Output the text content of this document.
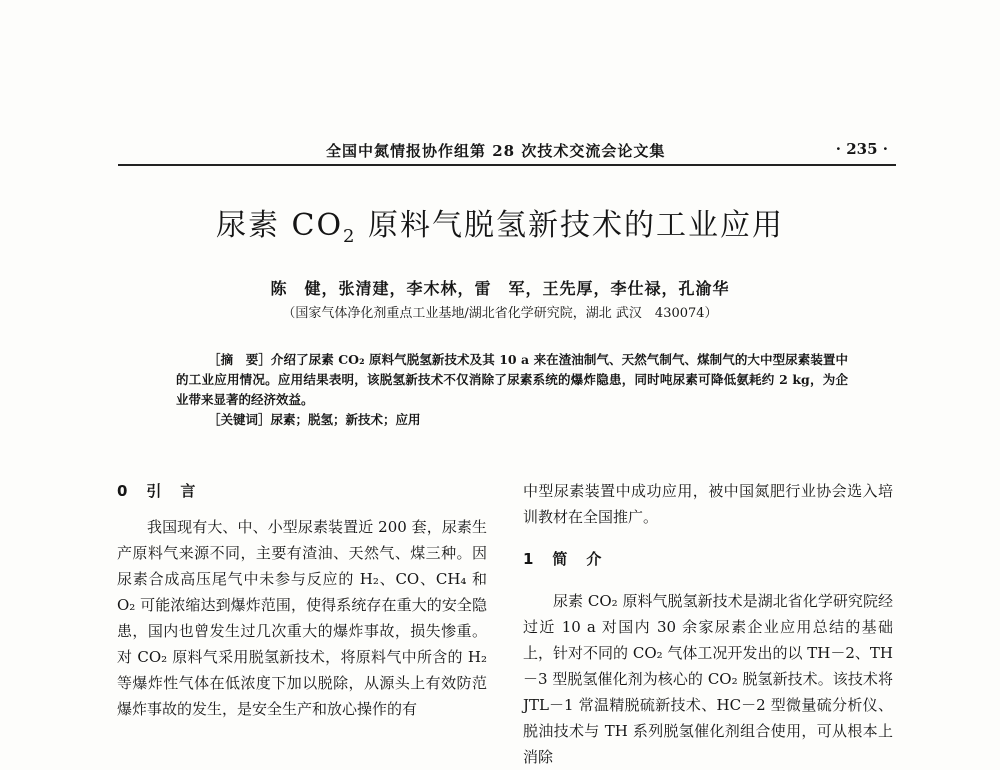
全国中氮情报协作组第 28 次技术交流会论文集	· 235 ·
尿素 $CO_2$ 原料气脱氢新技术的工业应用
陈　健，张清建，李木林，雷　军，王先厚，李仕禄，孔渝华
（国家气体净化剂重点工业基地/湖北省化学研究院，湖北 武汉　430074）

［摘　要］介绍了尿素 CO₂ 原料气脱氢新技术及其 10 a 来在渣油制气、天然气制气、煤制气的大中型尿素装置中的工业应用情况。应用结果表明，该脱氢新技术不仅消除了尿素系统的爆炸隐患，同时吨尿素可降低氨耗约 2 kg，为企业带来显著的经济效益。

［关键词］尿素；脱氢；新技术；应用

0　引　言

我国现有大、中、小型尿素装置近 200 套，尿素生产原料气来源不同，主要有渣油、天然气、煤三种。因尿素合成高压尾气中未参与反应的 H₂、CO、CH₄ 和 O₂ 可能浓缩达到爆炸范围，使得系统存在重大的安全隐患，国内也曾发生过几次重大的爆炸事故，损失惨重。对 CO₂ 原料气采用脱氢新技术，将原料气中所含的 H₂ 等爆炸性气体在低浓度下加以脱除，从源头上有效防范爆炸事故的发生，是安全生产和放心操作的有

中型尿素装置中成功应用，被中国氮肥行业协会选入培训教材在全国推广。

1　简　介

尿素 CO₂ 原料气脱氢新技术是湖北省化学研究院经过近 10 a 对国内 30 余家尿素企业应用总结的基础上，针对不同的 CO₂ 气体工况开发出的以 TH－2、TH－3 型脱氢催化剂为核心的 CO₂ 脱氢新技术。该技术将 JTL－1 常温精脱硫新技术、HC－2 型微量硫分析仪、脱油技术与 TH 系列脱氢催化剂组合使用，可从根本上消除
